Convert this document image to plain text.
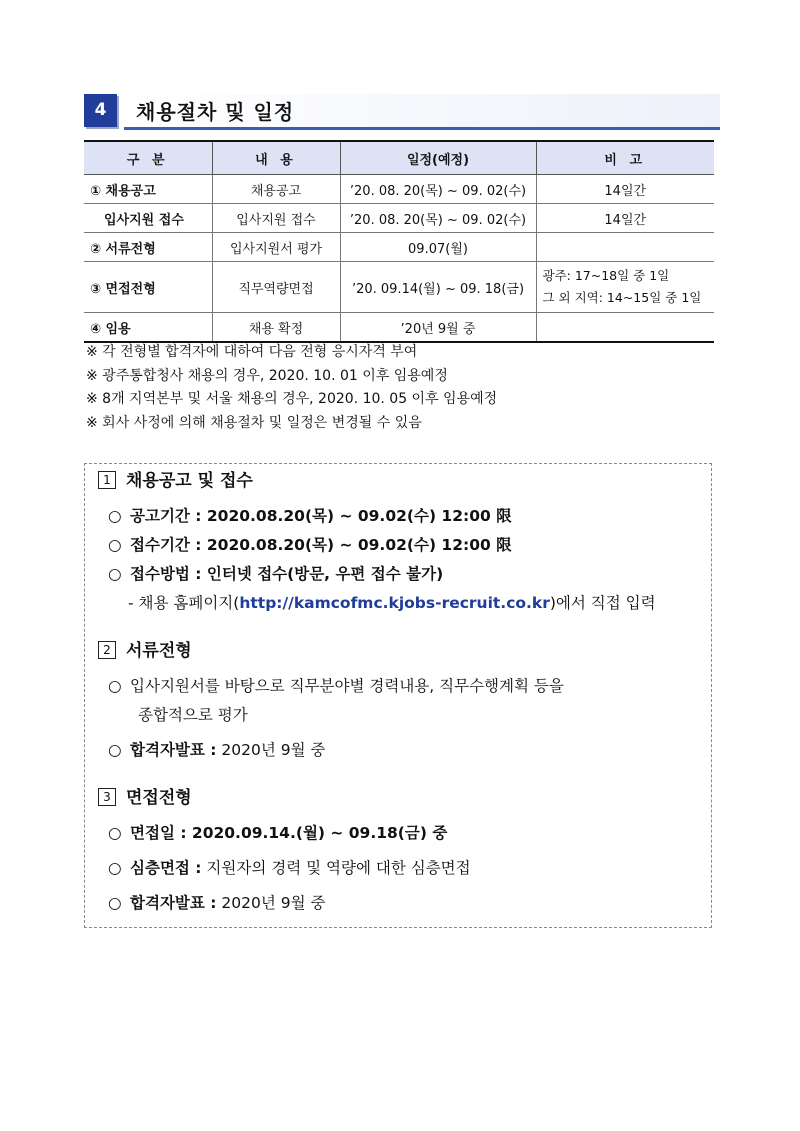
4	채용절차 및 일정
구 분	내 용	일정(예정)	비 고
① 채용공고	채용공고	’20. 08. 20(목) ~ 09. 02(수)	14일간
입사지원 접수	입사지원 접수	’20. 08. 20(목) ~ 09. 02(수)	14일간
② 서류전형	입사지원서 평가	09.07(월)	
③ 면접전형	직무역량면접	’20. 09.14(월) ~ 09. 18(금)	광주: 17~18일 중 1일
그 외 지역: 14~15일 중 1일

④ 임용	채용 확정	’20년 9월 중	
※ 각 전형별 합격자에 대하여 다음 전형 응시자격 부여
※ 광주통합청사 채용의 경우, 2020. 10. 01 이후 임용예정
※ 8개 지역본부 및 서울 채용의 경우, 2020. 10. 05 이후 임용예정
※ 회사 사정에 의해 채용절차 및 일정은 변경될 수 있음
1 채용공고 및 접수
○ 공고기간 : 2020.08.20(목) ~ 09.02(수) 12:00 限
○ 접수기간 : 2020.08.20(목) ~ 09.02(수) 12:00 限
○ 접수방법 : 인터넷 접수(방문, 우편 접수 불가)
- 채용 홈페이지(http://kamcofmc.kjobs-recruit.co.kr)에서 직접 입력
2 서류전형
○ 입사지원서를 바탕으로 직무분야별 경력내용, 직무수행계획 등을
종합적으로 평가
○ 합격자발표 : 2020년 9월 중
3 면접전형
○ 면접일 : 2020.09.14.(월) ~ 09.18(금) 중
○ 심층면접 : 지원자의 경력 및 역량에 대한 심층면접
○ 합격자발표 : 2020년 9월 중
